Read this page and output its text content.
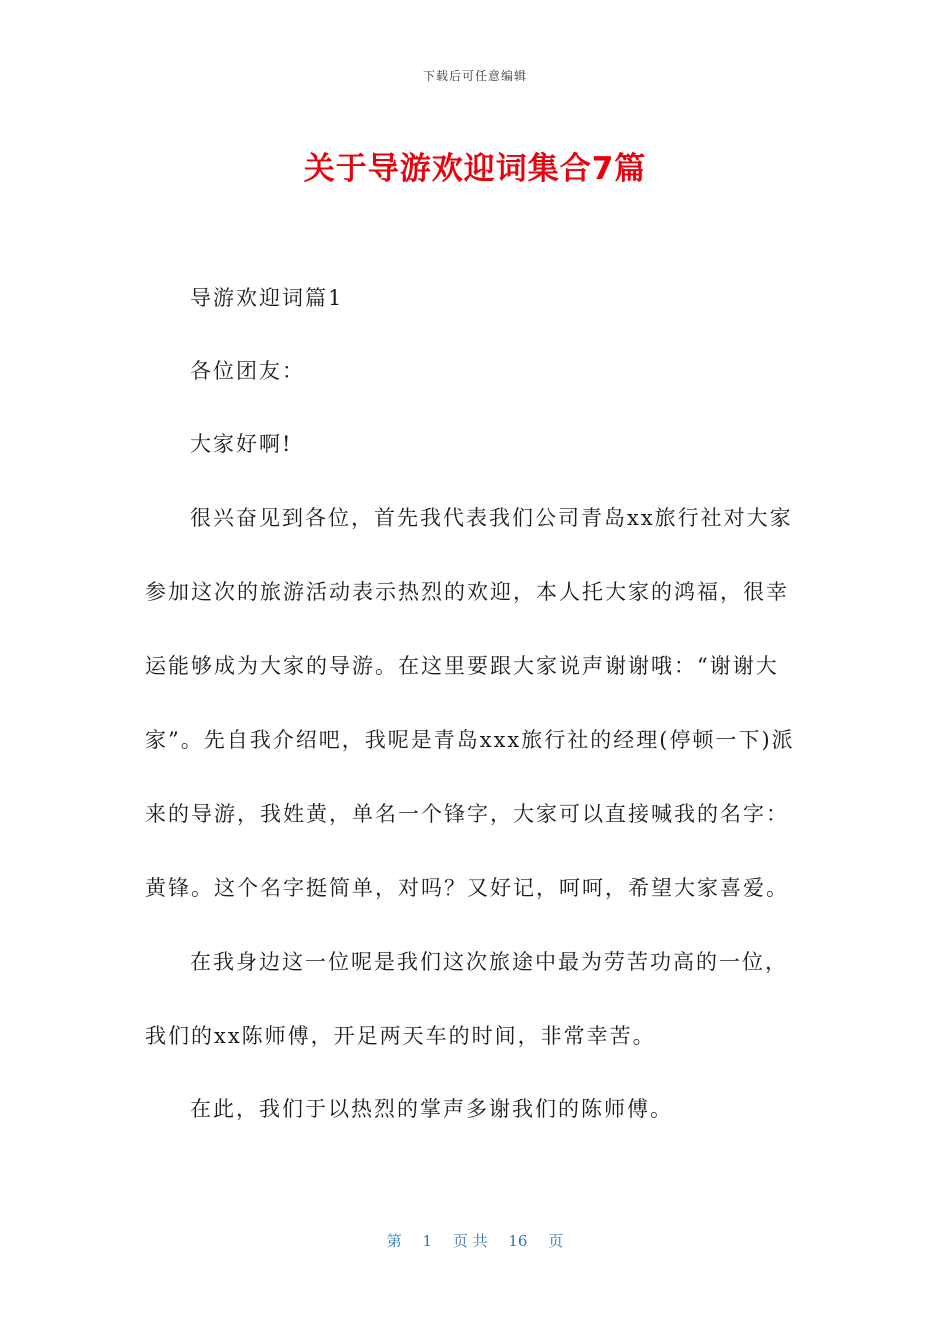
下载后可任意编辑
关于导游欢迎词集合7篇

导游欢迎词篇1

各位团友：

大家好啊!

很兴奋见到各位，首先我代表我们公司青岛xx旅行社对大家参加这次的旅游活动表示热烈的欢迎，本人托大家的鸿福，很幸运能够成为大家的导游。在这里要跟大家说声谢谢哦：“谢谢大家”。先自我介绍吧，我呢是青岛xxx旅行社的经理(停顿一下)派来的导游，我姓黄，单名一个锋字，大家可以直接喊我的名字：黄锋。这个名字挺简单，对吗？又好记，呵呵，希望大家喜爱。

在我身边这一位呢是我们这次旅途中最为劳苦功高的一位，我们的xx陈师傅，开足两天车的时间，非常幸苦。

在此，我们于以热烈的掌声多谢我们的陈师傅。

第 1 页 共 16 页
